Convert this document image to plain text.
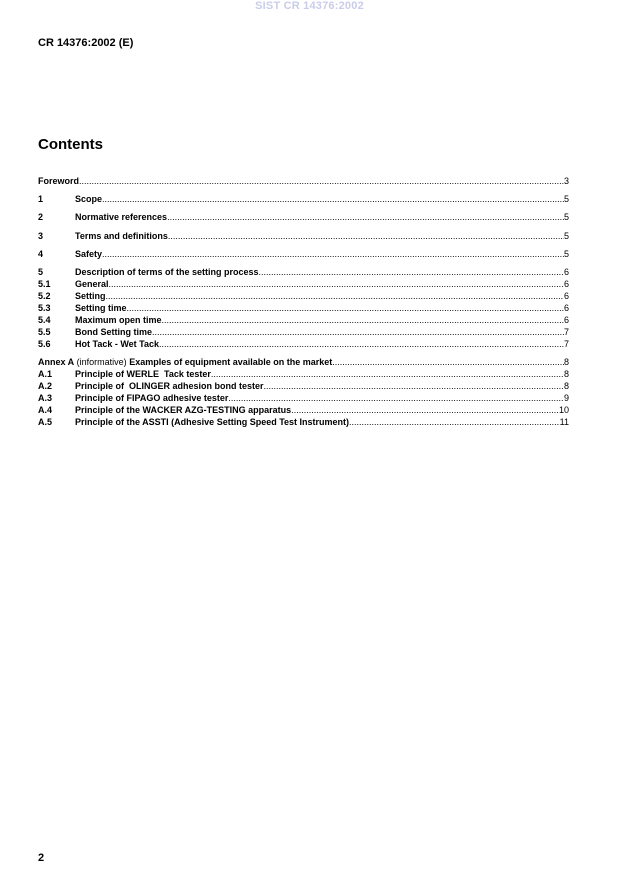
SIST CR 14376:2002
CR 14376:2002 (E)
Contents
Foreword .....	3
1	Scope .....	5
2	Normative references .....	5
3	Terms and definitions .....	5
4	Safety .....	5
5	Description of terms of the setting process .....	6
5.1	General .....	6
5.2	Setting .....	6
5.3	Setting time .....	6
5.4	Maximum open time .....	6
5.5	Bond Setting time .....	7
5.6	Hot Tack - Wet Tack .....	7
Annex A (informative) Examples of equipment available on the market .....	8
A.1	Principle of WERLE  Tack tester .....	8
A.2	Principle of  OLINGER adhesion bond tester .....	8
A.3	Principle of FIPAGO adhesive tester .....	9
A.4	Principle of the WACKER AZG-TESTING apparatus .....	10
A.5	Principle of the ASSTI (Adhesive Setting Speed Test Instrument) .....	11
2
